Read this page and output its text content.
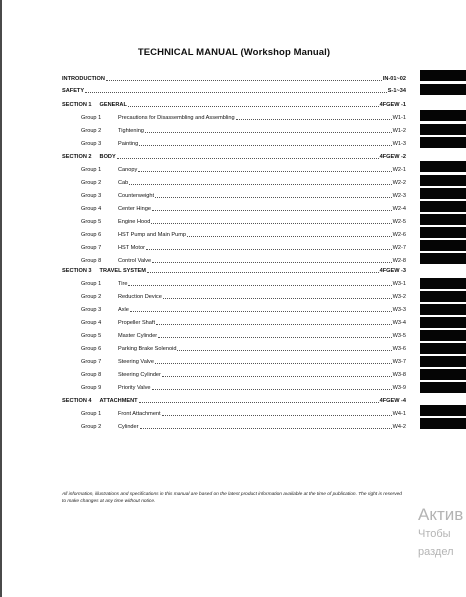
TECHNICAL MANUAL (Workshop Manual)
INTRODUCTION	IN-01~02
SAFETY	S-1~34
SECTION 1 GENERAL	4FGEW -1
Group 1	Precautions for Disassembling and Assembling	W1-1
Group 2	Tightening	W1-2
Group 3	Painting	W1-3
SECTION 2 BODY	4FGEW -2
Group 1	Canopy	W2-1
Group 2	Cab	W2-2
Group 3	Counterweight	W2-3
Group 4	Center Hinge	W2-4
Group 5	Engine Hood	W2-5
Group 6	HST Pump and Main Pump	W2-6
Group 7	HST Motor	W2-7
Group 8	Control Valve	W2-8
SECTION 3 TRAVEL SYSTEM	4FGEW -3
Group 1	Tire	W3-1
Group 2	Reduction Device	W3-2
Group 3	Axle	W3-3
Group 4	Propeller Shaft	W3-4
Group 5	Master Cylinder	W3-5
Group 6	Parking Brake Solenoid	W3-6
Group 7	Steering Valve	W3-7
Group 8	Steering Cylinder	W3-8
Group 9	Priority Valve	W3-9
SECTION 4 ATTACHMENT	4FGEW -4
Group 1	Front Attachment	W4-1
Group 2	Cylinder	W4-2
All information, illustrations and specifications in this manual are based on the latest product information available at the time of publication. The right is reserved to make changes at any time without notice.
Актив
Чтобы
раздел
